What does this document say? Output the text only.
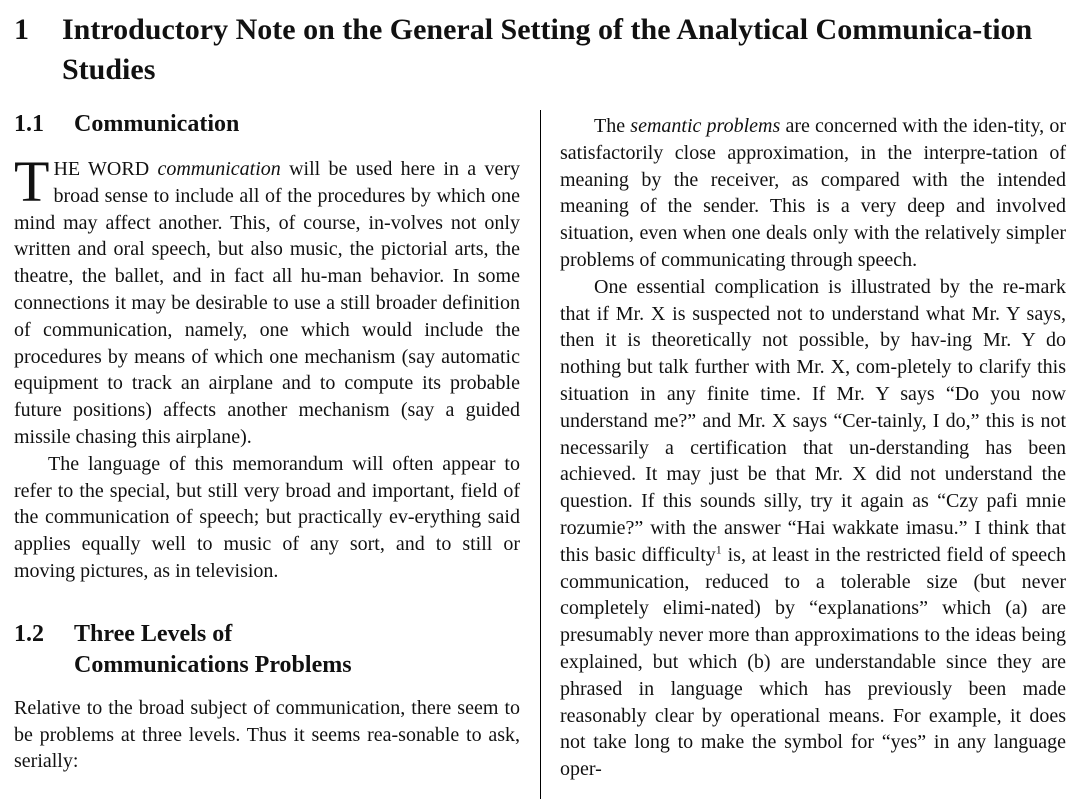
1	Introductory Note on the General Setting of the Analytical Communica-tion Studies
1.1	Communication

THE WORD communication will be used here in a very broad sense to include all of the procedures by which one mind may affect another. This, of course, in-volves not only written and oral speech, but also music, the pictorial arts, the theatre, the ballet, and in fact all hu-man behavior. In some connections it may be desirable to use a still broader definition of communication, namely, one which would include the procedures by means of which one mechanism (say automatic equipment to track an airplane and to compute its probable future positions) affects another mechanism (say a guided missile chasing this airplane).

The language of this memorandum will often appear to refer to the special, but still very broad and important, field of the communication of speech; but practically ev-erything said applies equally well to music of any sort, and to still or moving pictures, as in television.

1.2	Three Levels of
Communications Problems

Relative to the broad subject of communication, there seem to be problems at three levels. Thus it seems rea-sonable to ask, serially:

The semantic problems are concerned with the iden-tity, or satisfactorily close approximation, in the interpre-tation of meaning by the receiver, as compared with the intended meaning of the sender. This is a very deep and involved situation, even when one deals only with the relatively simpler problems of communicating through speech.

One essential complication is illustrated by the re-mark that if Mr. X is suspected not to understand what Mr. Y says, then it is theoretically not possible, by hav-ing Mr. Y do nothing but talk further with Mr. X, com-pletely to clarify this situation in any finite time. If Mr. Y says “Do you now understand me?” and Mr. X says “Cer-tainly, I do,” this is not necessarily a certification that un-derstanding has been achieved. It may just be that Mr. X did not understand the question. If this sounds silly, try it again as “Czy pafi mnie rozumie?” with the answer “Hai wakkate imasu.” I think that this basic difficulty$^1$ is, at least in the restricted field of speech communication, reduced to a tolerable size (but never completely elimi-nated) by “explanations” which (a) are presumably never more than approximations to the ideas being explained, but which (b) are understandable since they are phrased in language which has previously been made reasonably clear by operational means. For example, it does not take long to make the symbol for “yes” in any language oper-
